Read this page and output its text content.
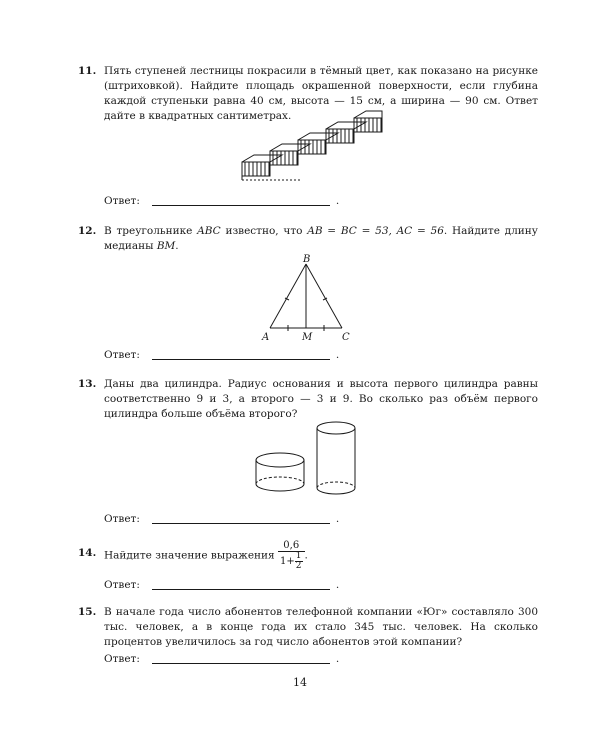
11. Пять ступеней лестницы покрасили в тёмный цвет, как показано на рисунке (штриховкой). Найдите площадь окрашенной поверхности, если глубина каждой ступеньки равна 40 см, высота — 15 см, а ширина — 90 см. Ответ дайте в квадратных сантиметрах.
Ответ:	.
12. В треугольнике ABC известно, что AB = BC = 53, AC = 56. Найдите длину медианы BM.
B
A	M	C
Ответ:	.
13. Даны два цилиндра. Радиус основания и высота первого цилиндра равны соответственно 9 и 3, а второго — 3 и 9. Во сколько раз объём первого цилиндра больше объёма второго?
Ответ:	.
14. Найдите значение выражения $\frac{0,6}{1+ \frac{1}{2}}$ .
Ответ:	.
15. В начале года число абонентов телефонной компании «Юг» составляло 300 тыс. человек, а в конце года их стало 345 тыс. человек. На сколько процентов увеличилось за год число абонентов этой компании?
Ответ:	.
14
